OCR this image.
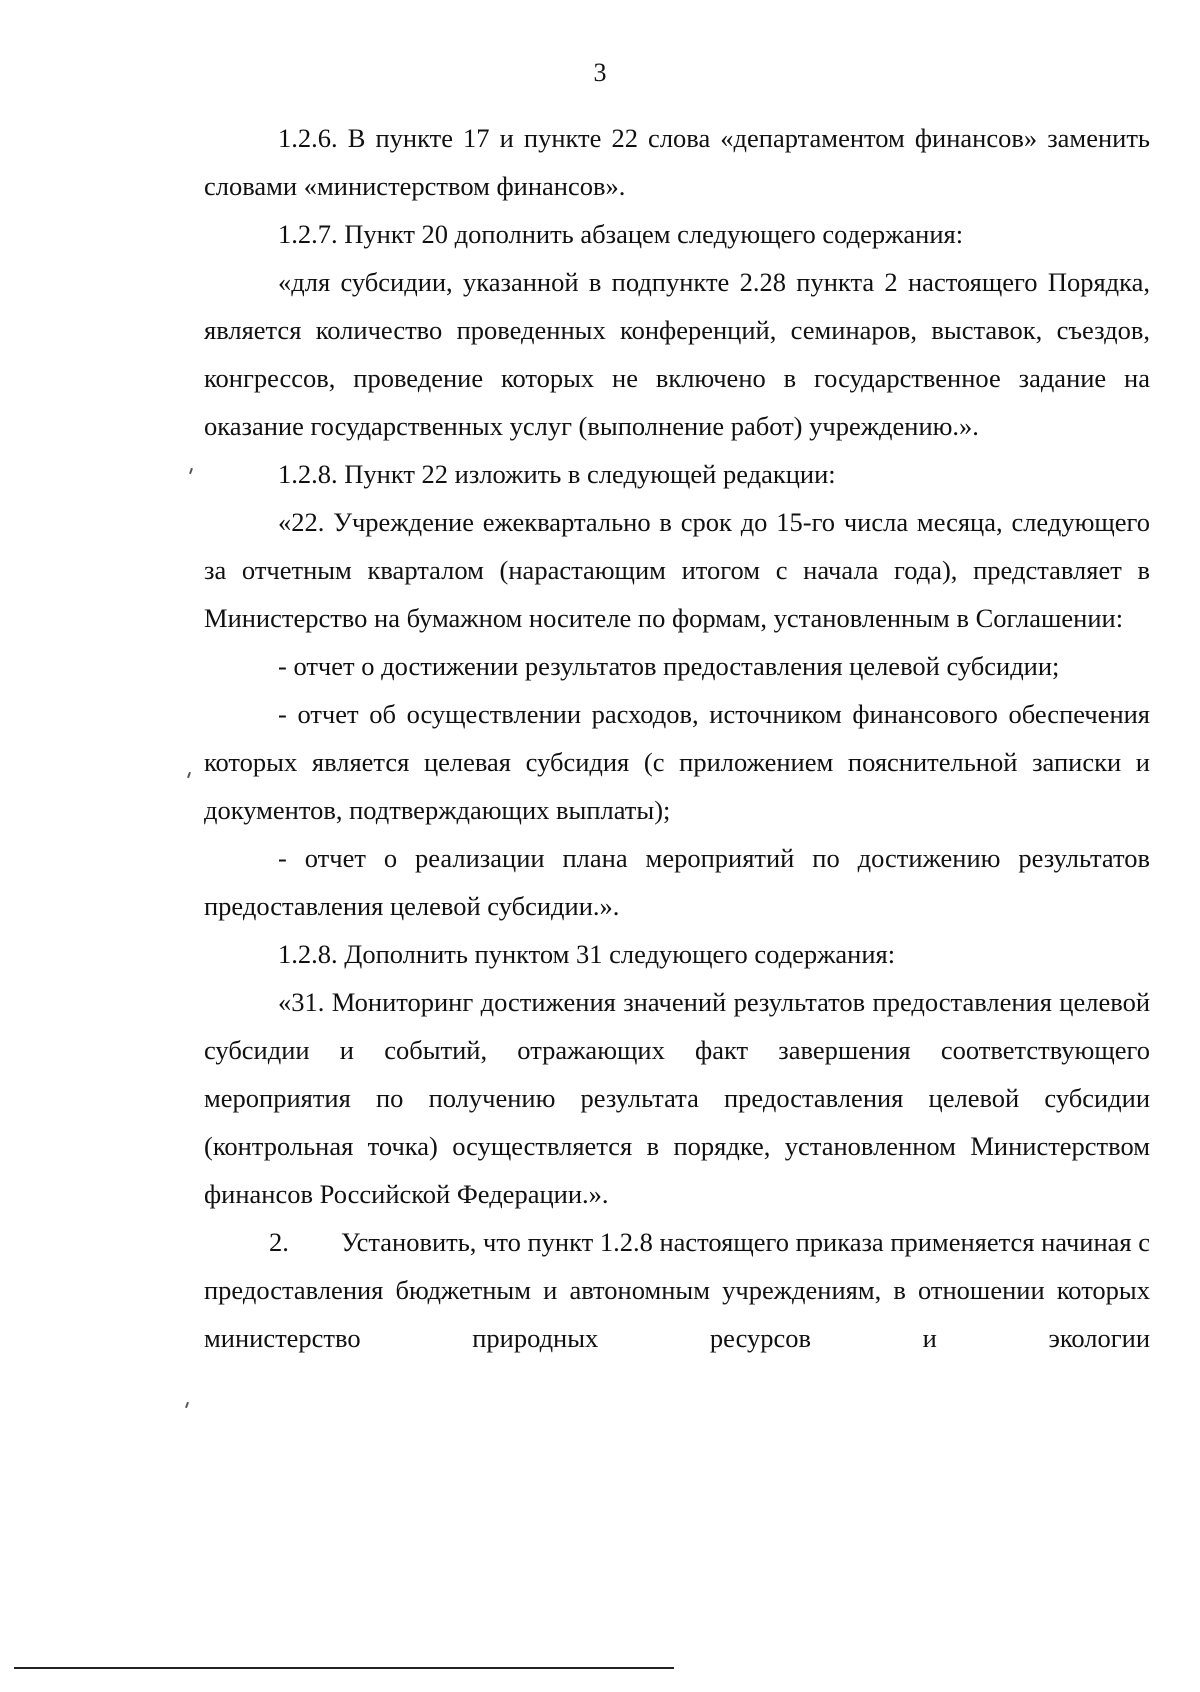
3

1.2.6. В пункте 17 и пункте 22 слова «департаментом финансов» заменить словами «министерством финансов».

1.2.7. Пункт 20 дополнить абзацем следующего содержания:

«для субсидии, указанной в подпункте 2.28 пункта 2 настоящего Порядка, является количество проведенных конференций, семинаров, выставок, съездов, конгрессов, проведение которых не включено в государственное задание на оказание государственных услуг (выполнение работ) учреждению.».

1.2.8. Пункт 22 изложить в следующей редакции:

«22. Учреждение ежеквартально в срок до 15-го числа месяца, следующего за отчетным кварталом (нарастающим итогом с начала года), представляет в Министерство на бумажном носителе по формам, установленным в Соглашении:

- отчет о достижении результатов предоставления целевой субсидии;

- отчет об осуществлении расходов, источником финансового обеспечения которых является целевая субсидия (с приложением пояснительной записки и документов, подтверждающих выплаты);

- отчет о реализации плана мероприятий по достижению результатов предоставления целевой субсидии.».

1.2.8. Дополнить пунктом 31 следующего содержания:

«31. Мониторинг достижения значений результатов предоставления целевой субсидии и событий, отражающих факт завершения соответствующего мероприятия по получению результата предоставления целевой субсидии (контрольная точка) осуществляется в порядке, установленном Министерством финансов Российской Федерации.».

2. Установить, что пункт 1.2.8 настоящего приказа применяется начиная с предоставления бюджетным и автономным учреждениям, в отношении которых министерство природных ресурсов и экологии
